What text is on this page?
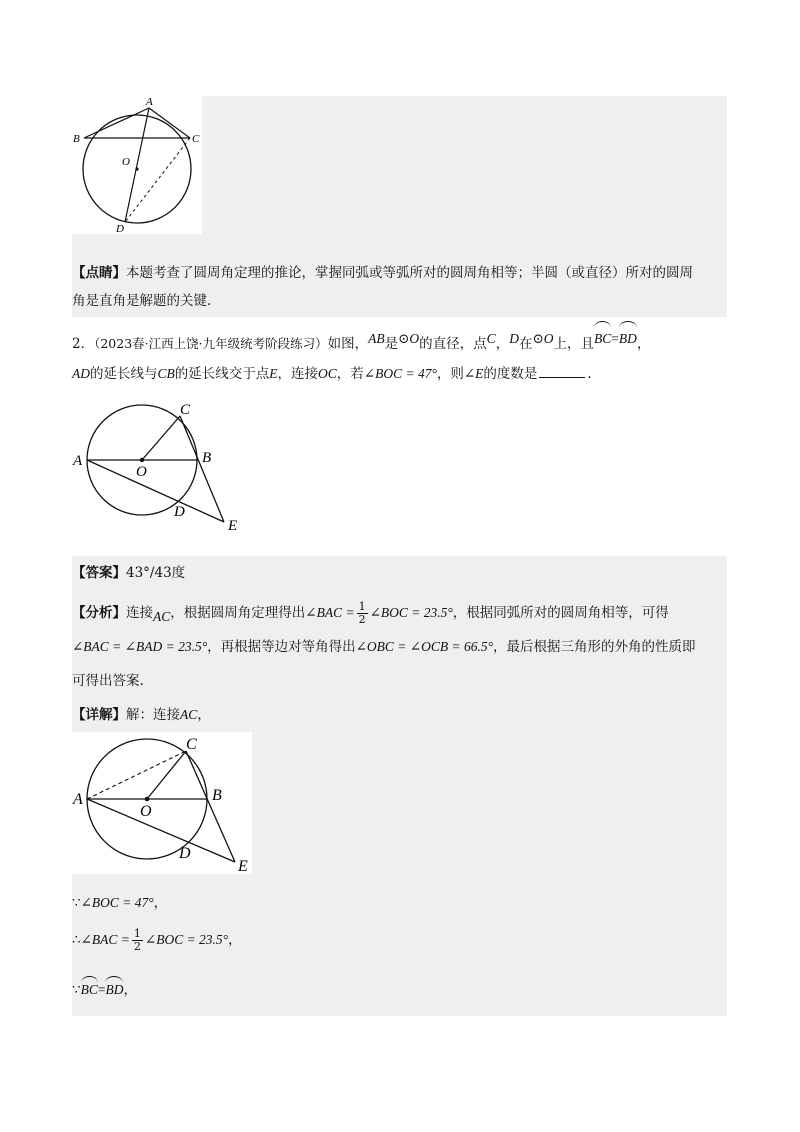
A
B	C
O
D
【点睛】本题考查了圆周角定理的推论，掌握同弧或等弧所对的圆周角相等；半圆（或直径）所对的圆周
角是直角是解题的关键.
2．（2023春·江西上饶·九年级统考阶段练习）如图，AB是⊙O的直径，点C，D在⊙O上，且BC=BD，
AD的延长线与CB的延长线交于点E，连接OC，若∠BOC = 47°，则∠E的度数是	.
A
O
B
C
D
E
【答案】43°/43度
【分析】连接AC，根据圆周角定理得出∠BAC = $\frac{1}{2}$ ∠BOC = 23.5°，根据同弧所对的圆周角相等，可得
∠BAC = ∠BAD = 23.5°，再根据等边对等角得出∠OBC = ∠OCB = 66.5°，最后根据三角形的外角的性质即
可得出答案.
【详解】解：连接AC，
A
O
B
C
D
E
∵∠BOC = 47°，
∴∠BAC = $\frac{1}{2}$ ∠BOC = 23.5°，
∵BC=BD，
